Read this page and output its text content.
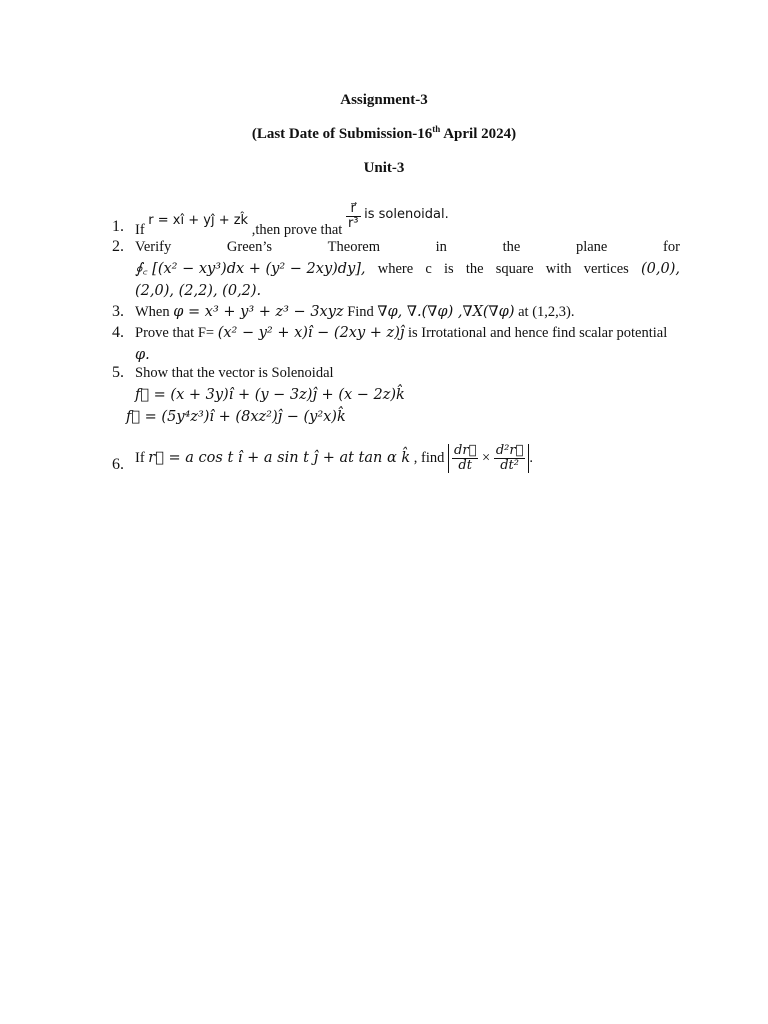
Assignment-3
(Last Date of Submission-16th April 2024)
Unit-3
1. If r = xî + yĵ + zk̂ ,then prove that $\frac{r⃗}{\text{r³}}$ is solenoidal.
2. Verify	Green’s	Theorem	in	the	plane	for
∮꜀ [(x² − xy³)dx + (y² − 2xy)dy], where c is the square with vertices (0,0),
(2,0), (2,2), (0,2).
3. When φ = x³ + y³ + z³ − 3xyz Find ∇φ, ∇.(∇φ) ,∇X(∇φ) at (1,2,3).
4. Prove that F= (x² − y² + x)î − (2xy + z)ĵ is Irrotational and hence find scalar potential
φ.
5. Show that the vector is Solenoidal
f⃗ = (x + 3y)î + (y − 3z)ĵ + (x − 2z)k̂
f⃗ = (5y⁴z³)î + (8xz²)ĵ − (y²x)k̂
6. If r⃗ = a cos t î + a sin t ĵ + at tan α k̂ , find $\frac{dr⃗}{dt} \times \frac{\text{d²r⃗}}{\text{dt²}}$ .
